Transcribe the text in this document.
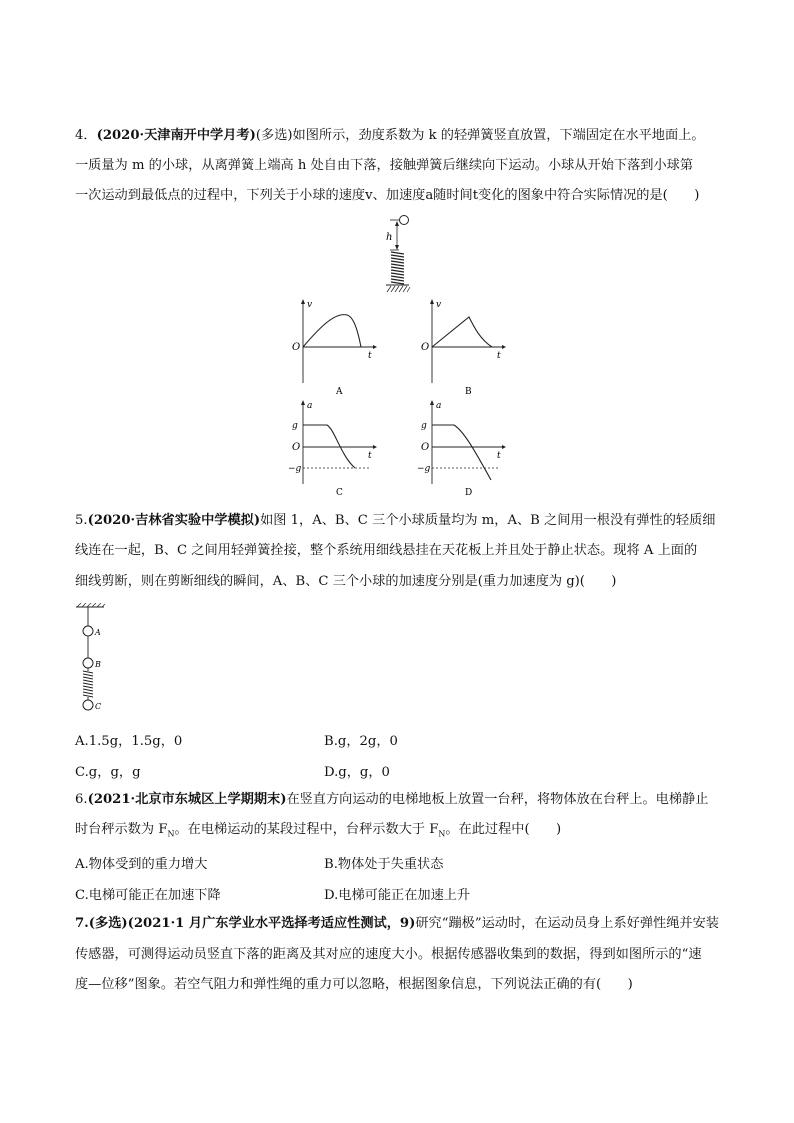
4．(2020·天津南开中学月考)(多选)如图所示，劲度系数为 k 的轻弹簧竖直放置，下端固定在水平地面上。
一质量为 m 的小球，从离弹簧上端高 h 处自由下落，接触弹簧后继续向下运动。小球从开始下落到小球第
一次运动到最低点的过程中，下列关于小球的速度v、加速度a随时间t变化的图象中符合实际情况的是(　　)
h
v
t
O
A
v
t
O
B
a
t
O
g
−g
C
a
t
O
g
−g
D
5.(2020·吉林省实验中学模拟)如图 1，A、B、C 三个小球质量均为 m，A、B 之间用一根没有弹性的轻质细
线连在一起，B、C 之间用轻弹簧拴接，整个系统用细线悬挂在天花板上并且处于静止状态。现将 A 上面的
细线剪断，则在剪断细线的瞬间，A、B、C 三个小球的加速度分别是(重力加速度为 g)(　　)
A
B
C
A.1.5g，1.5g，0	B.g，2g，0
C.g，g，g	D.g，g，0
6.(2021·北京市东城区上学期期末)在竖直方向运动的电梯地板上放置一台秤，将物体放在台秤上。电梯静止
时台秤示数为 $F_N$。在电梯运动的某段过程中，台秤示数大于 $F_N$。在此过程中(　　)
A.物体受到的重力增大	B.物体处于失重状态
C.电梯可能正在加速下降	D.电梯可能正在加速上升
7.(多选)(2021·1 月广东学业水平选择考适应性测试，9)研究“蹦极”运动时，在运动员身上系好弹性绳并安装
传感器，可测得运动员竖直下落的距离及其对应的速度大小。根据传感器收集到的数据，得到如图所示的“速
度—位移”图象。若空气阻力和弹性绳的重力可以忽略，根据图象信息，下列说法正确的有(　　)
